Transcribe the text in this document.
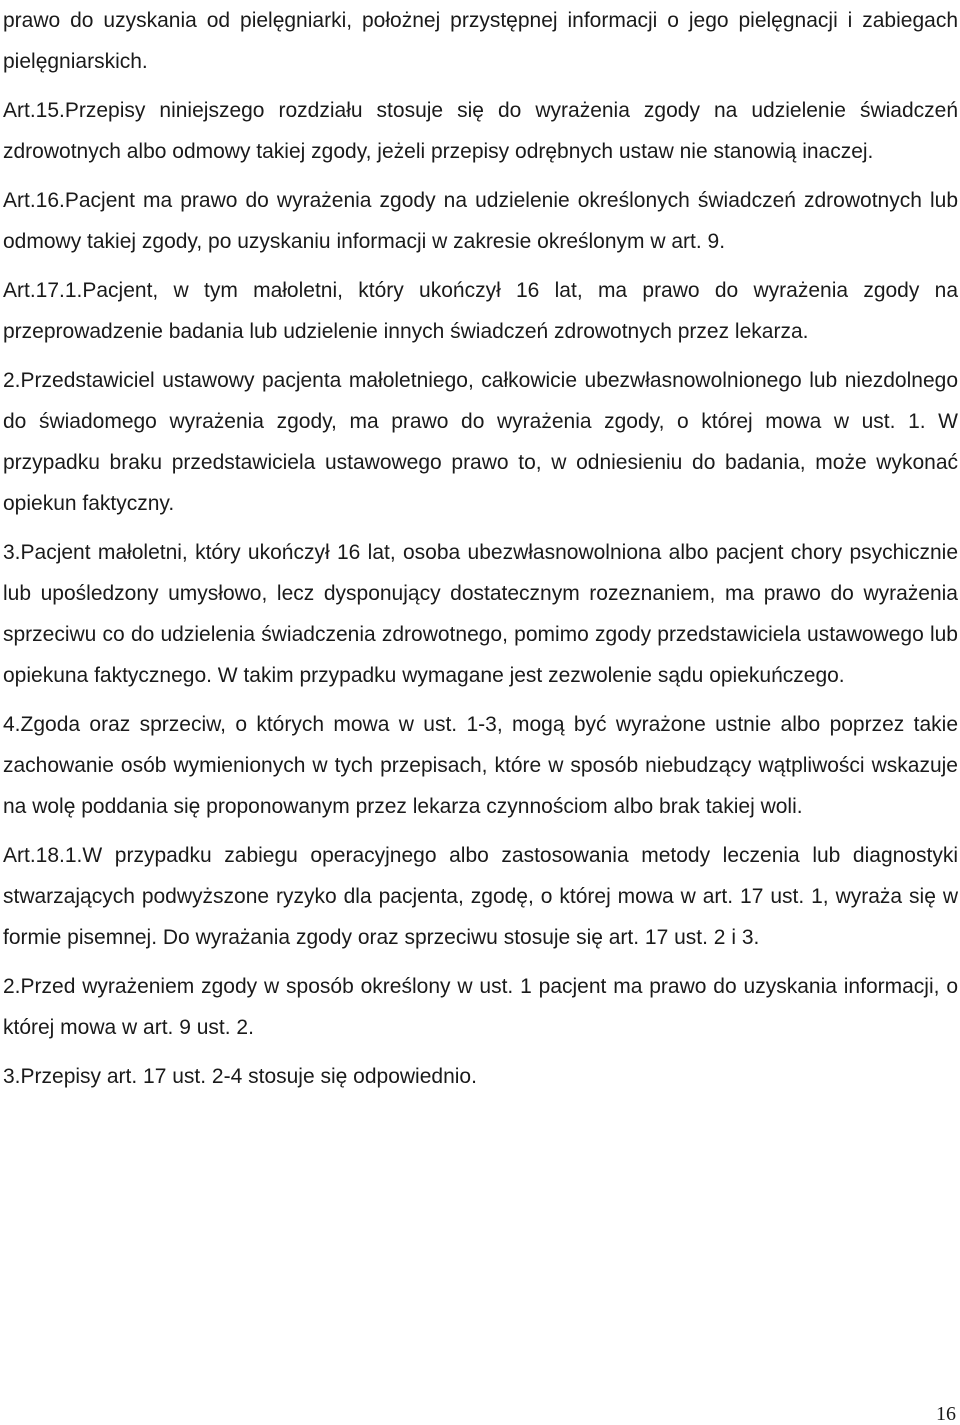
prawo do uzyskania od pielęgniarki, położnej przystępnej informacji o jego pielęgnacji i zabiegach pielęgniarskich.

Art.15.Przepisy niniejszego rozdziału stosuje się do wyrażenia zgody na udzielenie świadczeń zdrowotnych albo odmowy takiej zgody, jeżeli przepisy odrębnych ustaw nie stanowią inaczej.

Art.16.Pacjent ma prawo do wyrażenia zgody na udzielenie określonych świadczeń zdrowotnych lub odmowy takiej zgody, po uzyskaniu informacji w zakresie określonym w art. 9.

Art.17.1.Pacjent, w tym małoletni, który ukończył 16 lat, ma prawo do wyrażenia zgody na przeprowadzenie badania lub udzielenie innych świadczeń zdrowotnych przez lekarza.

2.Przedstawiciel ustawowy pacjenta małoletniego, całkowicie ubezwłasnowolnionego lub niezdolnego do świadomego wyrażenia zgody, ma prawo do wyrażenia zgody, o której mowa w ust. 1. W przypadku braku przedstawiciela ustawowego prawo to, w odniesieniu do badania, może wykonać opiekun faktyczny.

3.Pacjent małoletni, który ukończył 16 lat, osoba ubezwłasnowolniona albo pacjent chory psychicznie lub upośledzony umysłowo, lecz dysponujący dostatecznym rozeznaniem, ma prawo do wyrażenia sprzeciwu co do udzielenia świadczenia zdrowotnego, pomimo zgody przedstawiciela ustawowego lub opiekuna faktycznego. W takim przypadku wymagane jest zezwolenie sądu opiekuńczego.

4.Zgoda oraz sprzeciw, o których mowa w ust. 1-3, mogą być wyrażone ustnie albo poprzez takie zachowanie osób wymienionych w tych przepisach, które w sposób niebudzący wątpliwości wskazuje na wolę poddania się proponowanym przez lekarza czynnościom albo brak takiej woli.

Art.18.1.W przypadku zabiegu operacyjnego albo zastosowania metody leczenia lub diagnostyki stwarzających podwyższone ryzyko dla pacjenta, zgodę, o której mowa w art. 17 ust. 1, wyraża się w formie pisemnej. Do wyrażania zgody oraz sprzeciwu stosuje się art. 17 ust. 2 i 3.

2.Przed wyrażeniem zgody w sposób określony w ust. 1 pacjent ma prawo do uzyskania informacji, o której mowa w art. 9 ust. 2.

3.Przepisy art. 17 ust. 2-4 stosuje się odpowiednio.

16
